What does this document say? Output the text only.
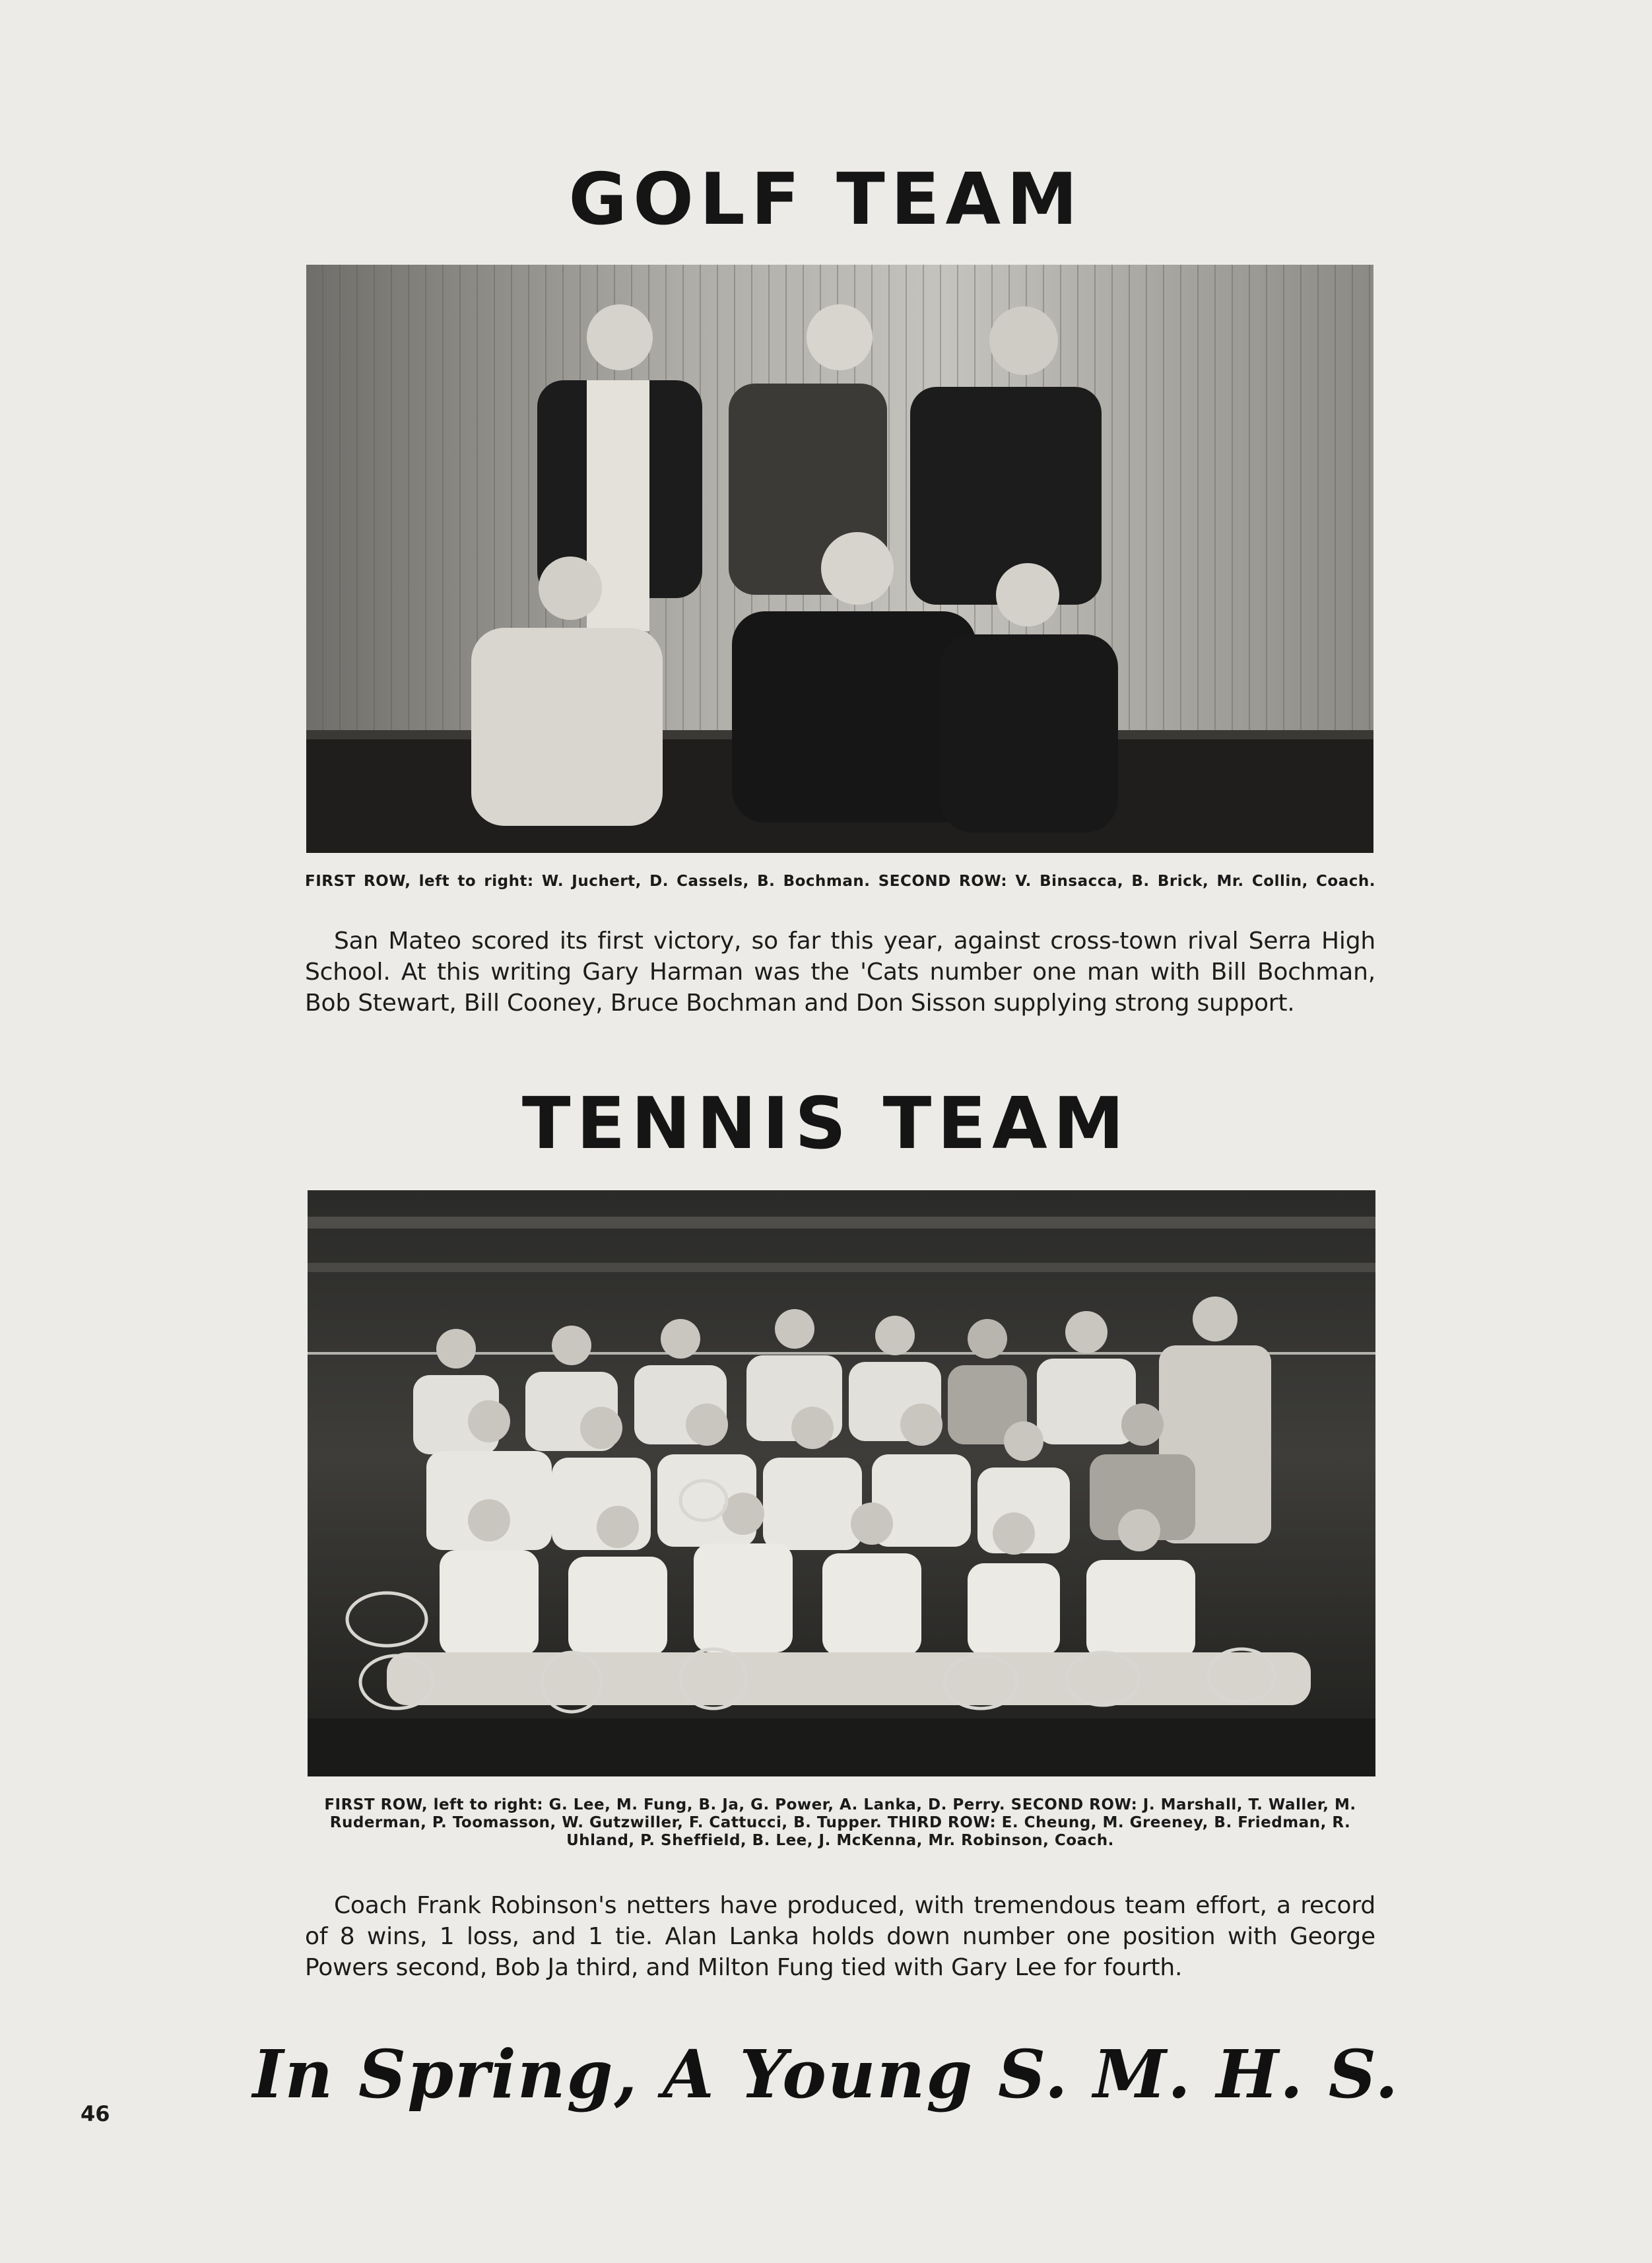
GOLF TEAM
FIRST ROW, left to right: W. Juchert, D. Cassels, B. Bochman. SECOND ROW: V. Binsacca, B. Brick, Mr. Collin, Coach.

San Mateo scored its first victory, so far this year, against cross-town rival Serra High School. At this writing Gary Harman was the 'Cats number one man with Bill Bochman, Bob Stewart, Bill Cooney, Bruce Bochman and Don Sisson supplying strong support.

TENNIS TEAM
FIRST ROW, left to right: G. Lee, M. Fung, B. Ja, G. Power, A. Lanka, D. Perry. SECOND ROW: J. Marshall, T. Waller, M. Ruderman, P. Toomasson, W. Gutzwiller, F. Cattucci, B. Tupper. THIRD ROW: E. Cheung, M. Greeney, B. Friedman, R. Uhland, P. Sheffield, B. Lee, J. McKenna, Mr. Robinson, Coach.

Coach Frank Robinson's netters have produced, with tremendous team effort, a record of 8 wins, 1 loss, and 1 tie. Alan Lanka holds down number one position with George Powers second, Bob Ja third, and Milton Fung tied with Gary Lee for fourth.

In Spring, A Young S. M. H. S.
46
